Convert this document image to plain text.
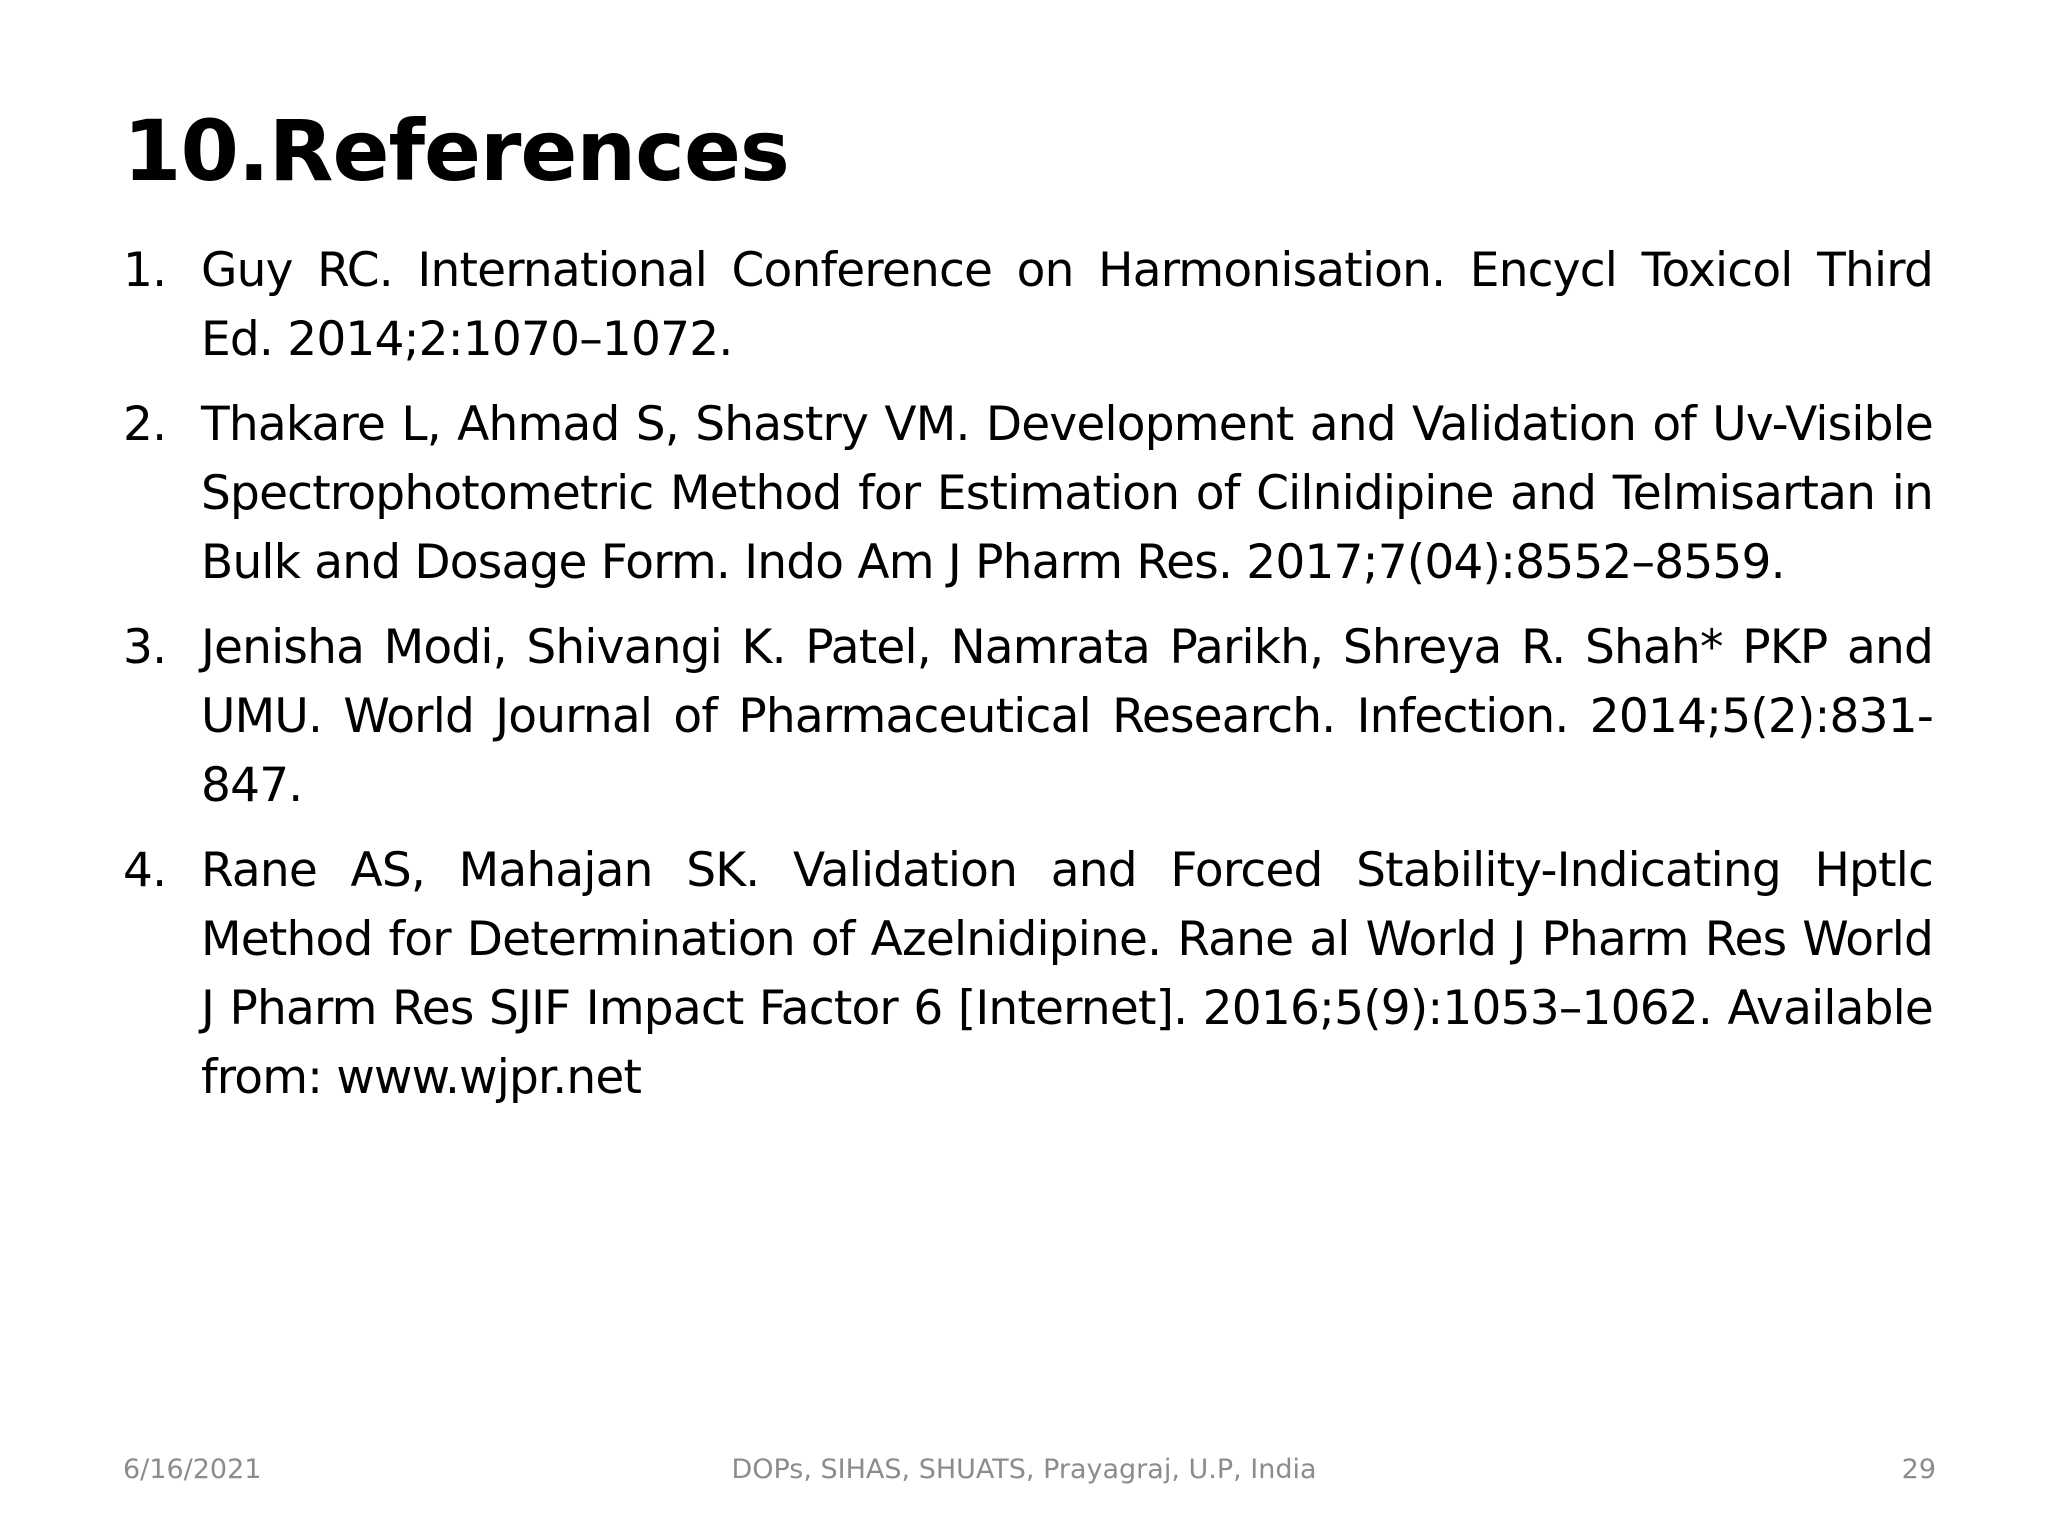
10.References
1. Guy RC. International Conference on Harmonisation. Encycl Toxicol Third Ed. 2014;2:1070–1072.
2. Thakare L, Ahmad S, Shastry VM. Development and Validation of Uv-Visible Spectrophotometric Method for Estimation of Cilnidipine and Telmisartan in Bulk and Dosage Form. Indo Am J Pharm Res. 2017;7(04):8552–8559.
3. Jenisha Modi, Shivangi K. Patel, Namrata Parikh, Shreya R. Shah* PKP and UMU. World Journal of Pharmaceutical Research. Infection. 2014;5(2):831-847.
4. Rane AS, Mahajan SK. Validation and Forced Stability-Indicating Hptlc Method for Determination of Azelnidipine. Rane al World J Pharm Res World J Pharm Res SJIF Impact Factor 6 [Internet]. 2016;5(9):1053–1062. Available from: www.wjpr.net
DOPs, SIHAS, SHUATS, Prayagraj, U.P, India
6/16/2021	29
